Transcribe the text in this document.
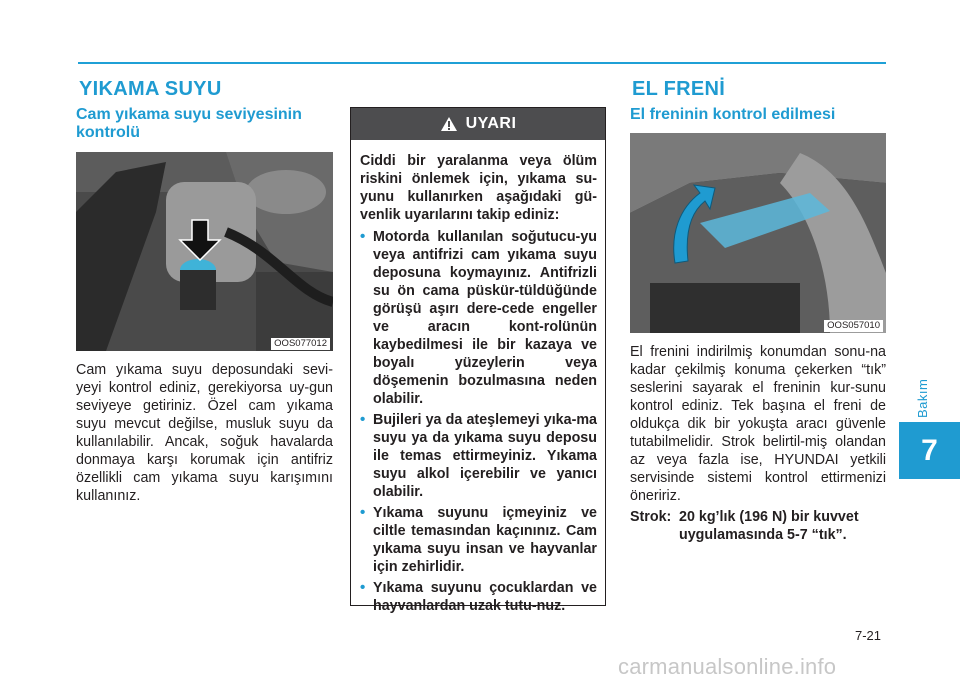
YIKAMA SUYU
Cam yıkama suyu seviyesinin kontrolü
OOS077012

Cam yıkama suyu deposundaki sevi-yeyi kontrol ediniz, gerekiyorsa uy-gun seviyeye getiriniz. Özel cam yıkama suyu mevcut değilse, musluk suyu da kullanılabilir. Ancak, soğuk havalarda donmaya karşı korumak için antifriz özellikli cam yıkama suyu karışımını kullanınız.

UYARI

Ciddi bir yaralanma veya ölüm riskini önlemek için, yıkama su-yunu kullanırken aşağıdaki gü-venlik uyarılarını takip ediniz:

• Motorda kullanılan soğutucu-yu veya antifrizi cam yıkama suyu deposuna koymayınız. Antifrizli su ön cama püskür-tüldüğünde görüşü aşırı dere-cede engeller ve aracın kont-rolünün kaybedilmesi ile bir kazaya ve boyalı yüzeylerin veya döşemenin bozulmasına neden olabilir.
• Bujileri ya da ateşlemeyi yıka-ma suyu ya da yıkama suyu deposu ile temas ettirmeyiniz. Yıkama suyu alkol içerebilir ve yanıcı olabilir.
• Yıkama suyunu içmeyiniz ve ciltle temasından kaçınınız. Cam yıkama suyu insan ve hayvanlar için zehirlidir.
• Yıkama suyunu çocuklardan ve hayvanlardan uzak tutu-nuz.
EL FRENİ
El freninin kontrol edilmesi
OOS057010

El frenini indirilmiş konumdan sonu-na kadar çekilmiş konuma çekerken “tık” seslerini sayarak el freninin kur-sunu kontrol ediniz. Tek başına el freni de oldukça dik bir yokuşta aracı güvenle tutabilmelidir. Strok belirtil-miş olandan az veya fazla ise, HYUNDAI yetkili servisinde sistemi kontrol ettirmenizi öneririz.

Strok: 20 kg’lık (196 N) bir kuvvet uygulamasında 5-7 “tık”.
Bakım
7
7-21
carmanualsonline.info
